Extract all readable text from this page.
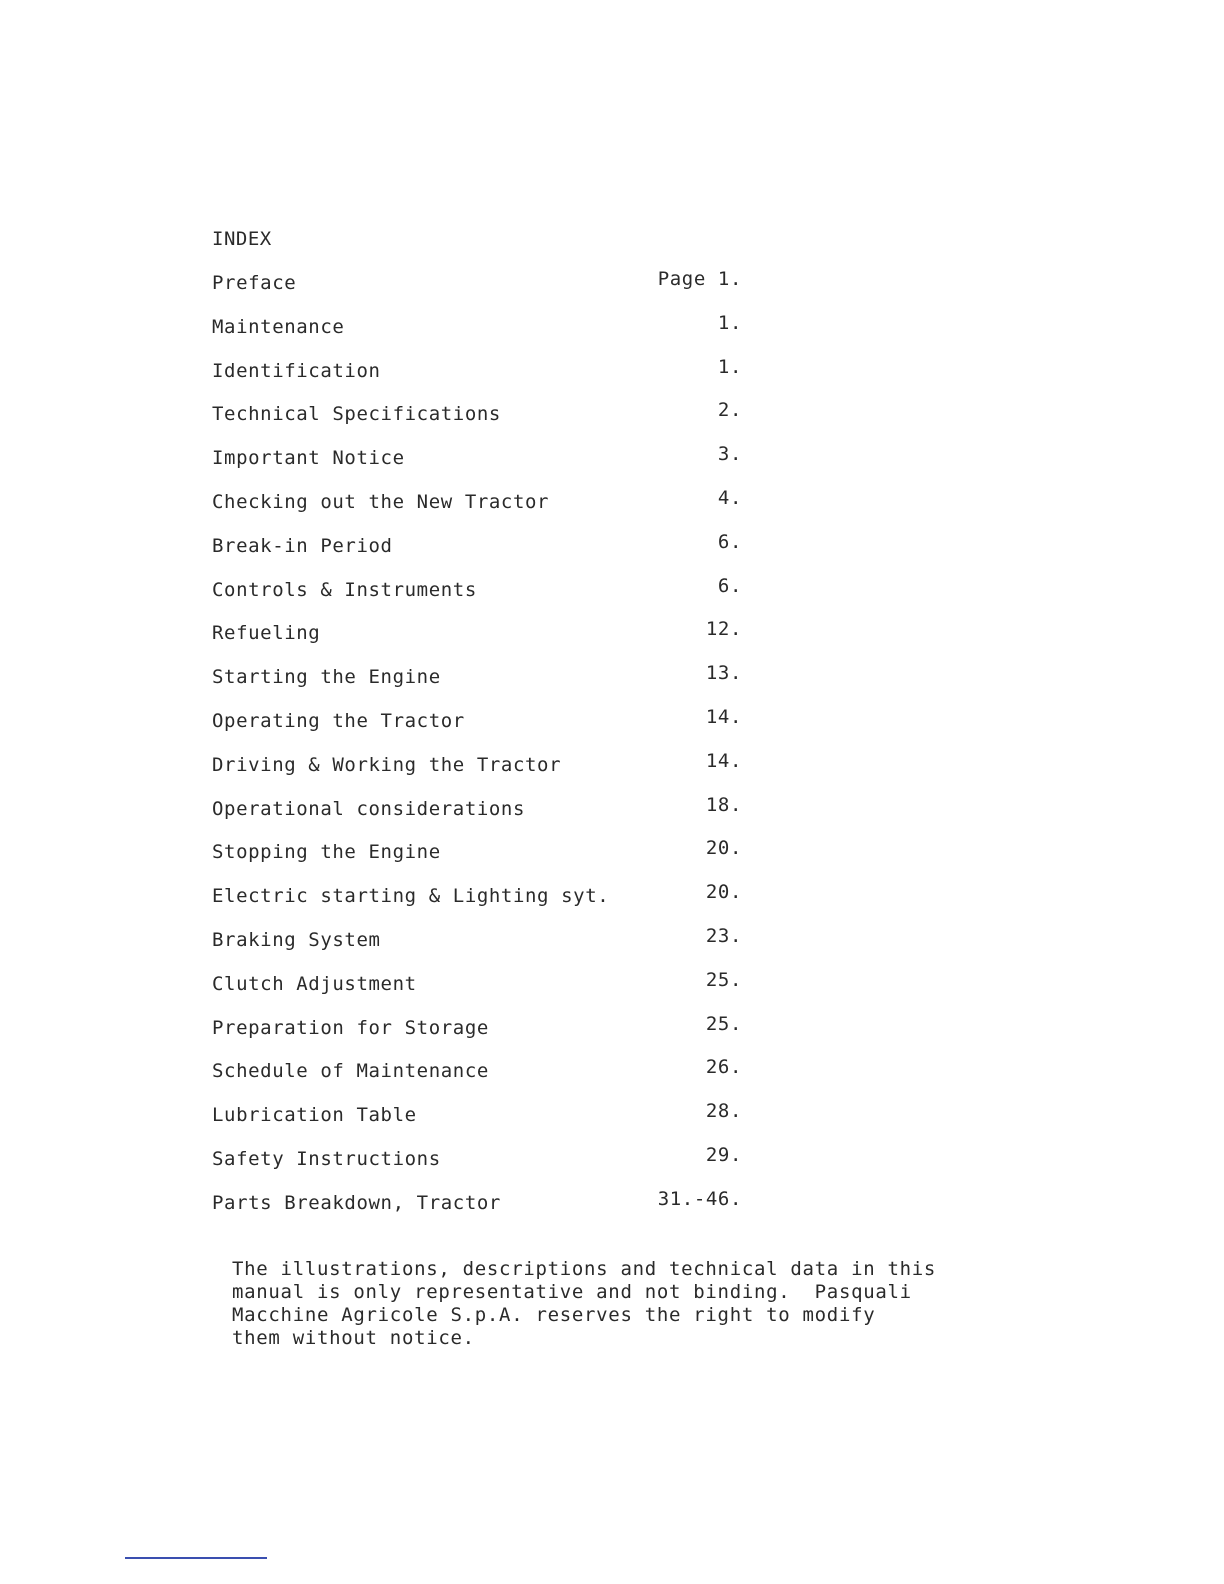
INDEX
Preface	Page 1.
Maintenance	1.
Identification	1.
Technical Specifications	2.
Important Notice	3.
Checking out the New Tractor	4.
Break-in Period	6.
Controls & Instruments	6.
Refueling	12.
Starting the Engine	13.
Operating the Tractor	14.
Driving & Working the Tractor	14.
Operational considerations	18.
Stopping the Engine	20.
Electric starting & Lighting syt.	20.
Braking System	23.
Clutch Adjustment	25.
Preparation for Storage	25.
Schedule of Maintenance	26.
Lubrication Table	28.
Safety Instructions	29.
Parts Breakdown, Tractor	31.-46.
The illustrations, descriptions and technical data in this
manual is only representative and not binding.  Pasquali
Macchine Agricole S.p.A. reserves the right to modify
them without notice.
